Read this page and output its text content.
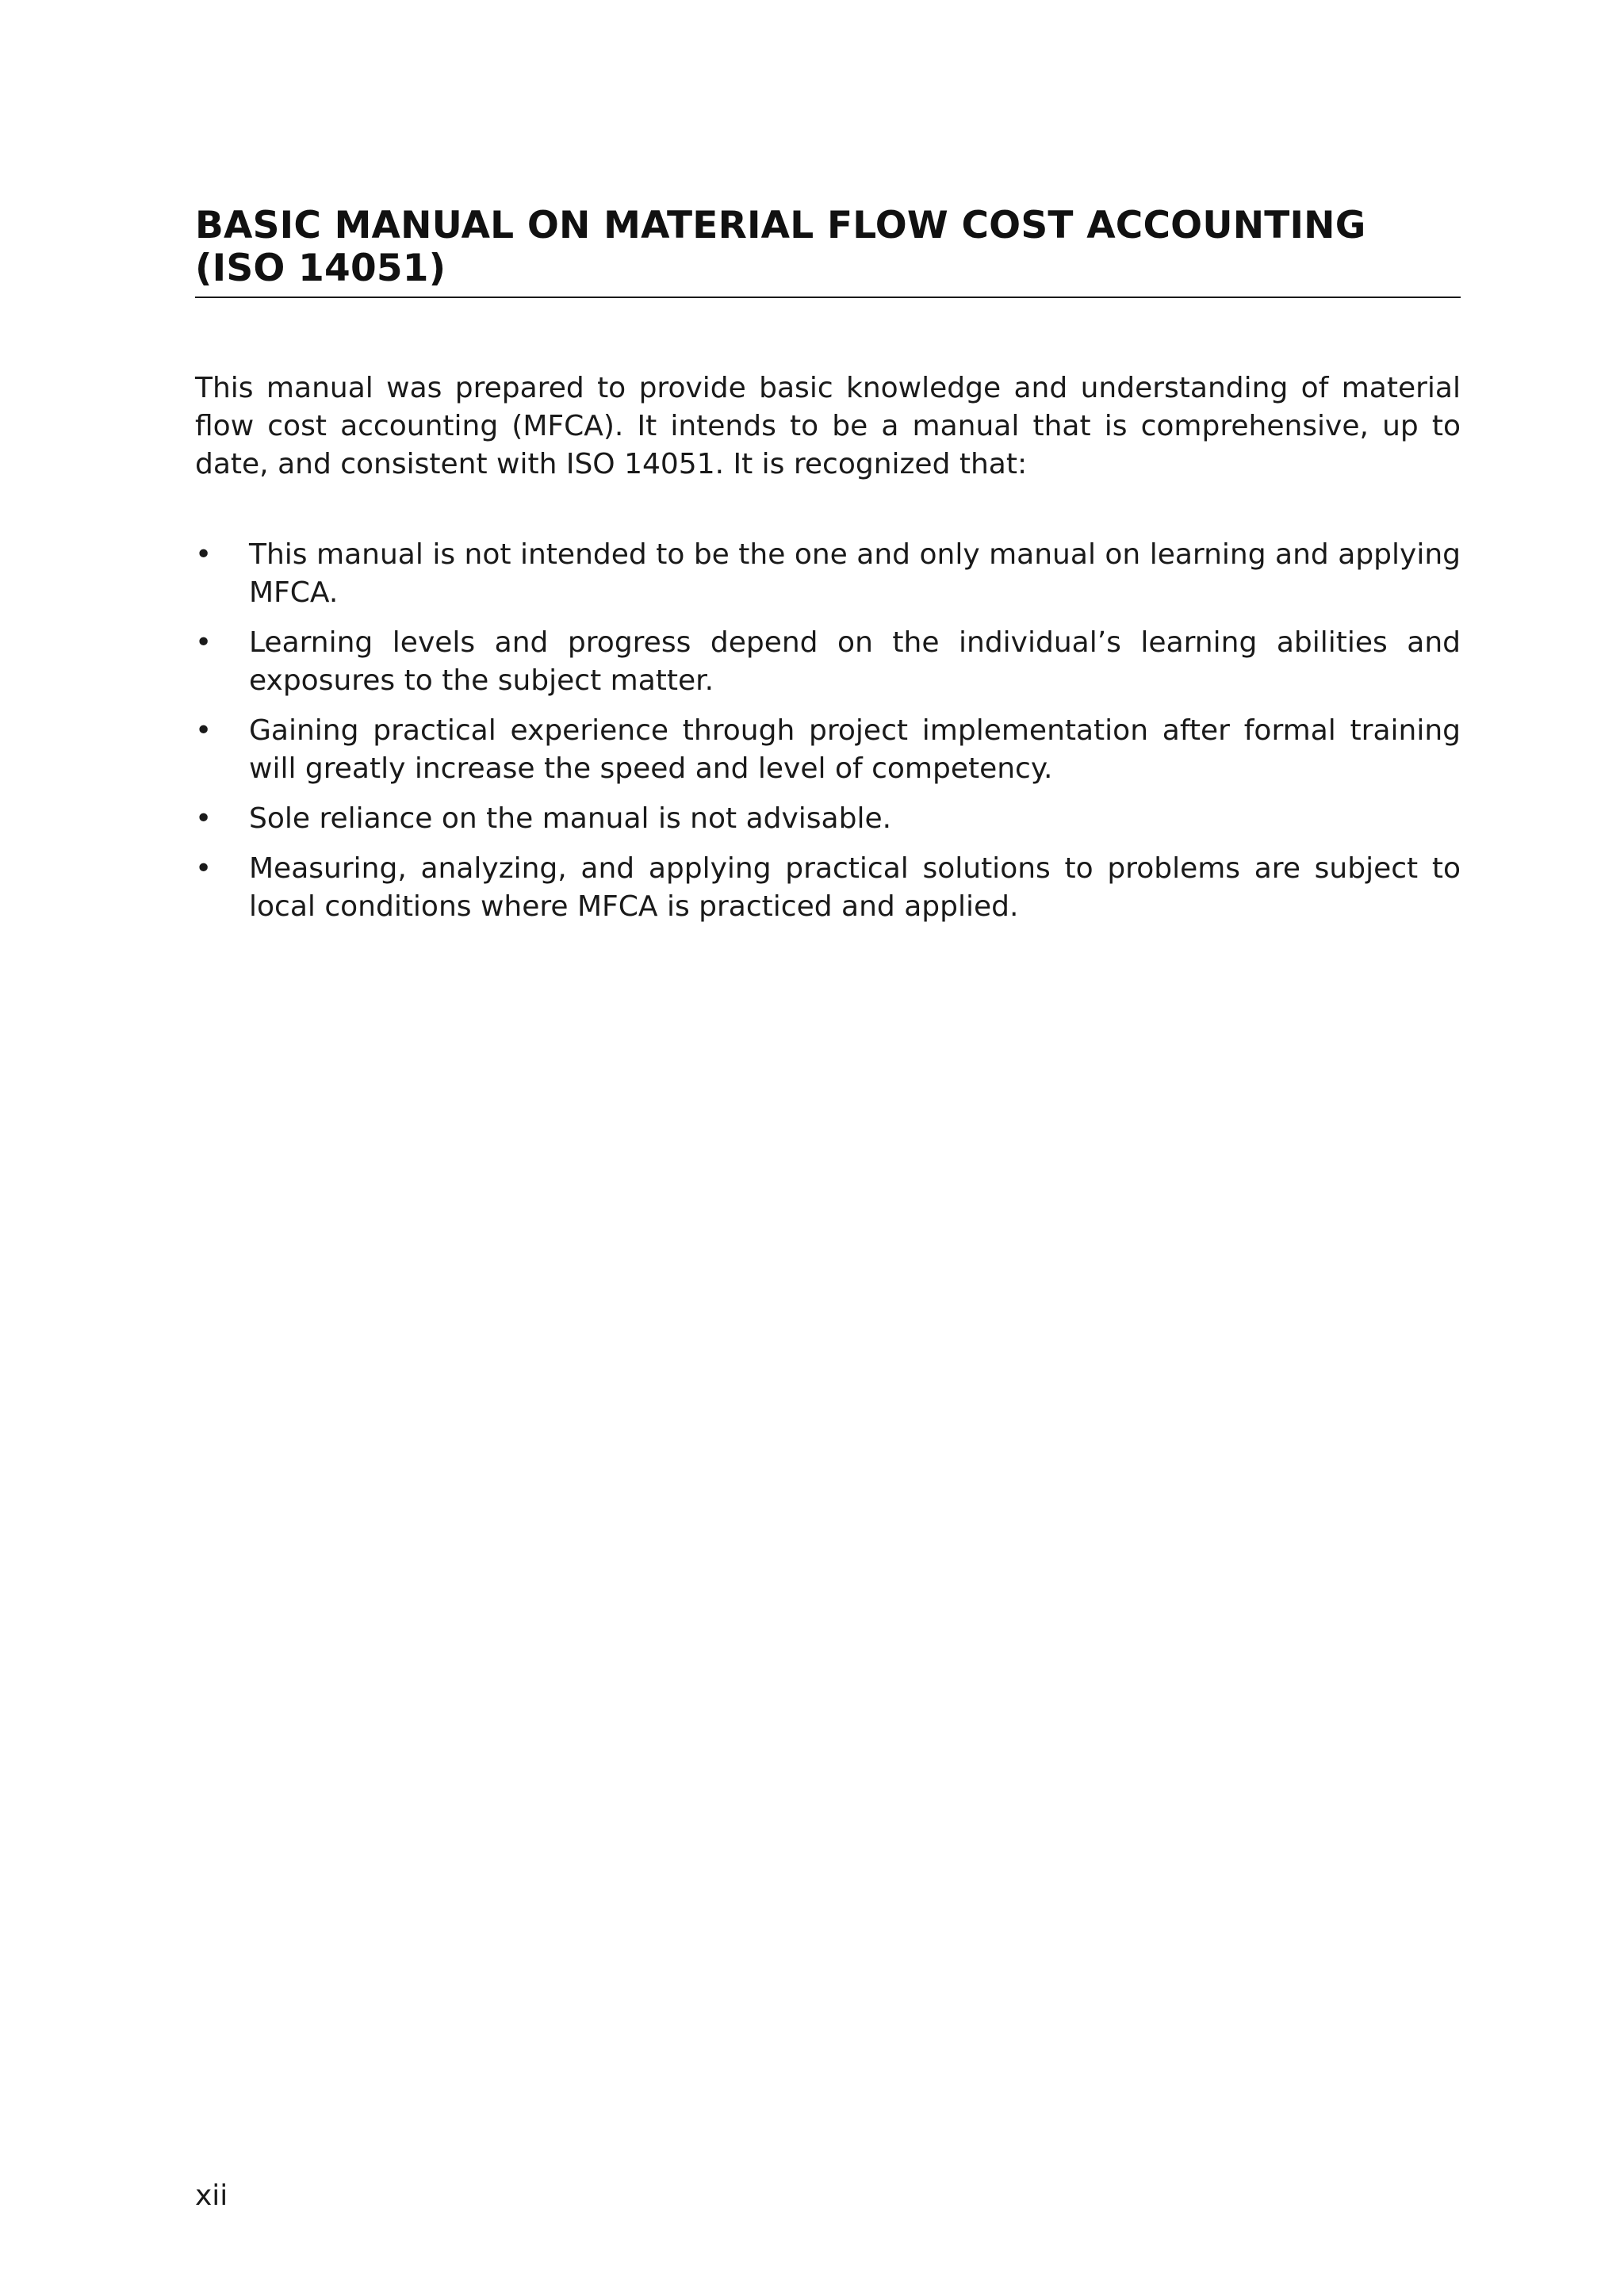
BASIC MANUAL ON MATERIAL FLOW COST ACCOUNTING
(ISO 14051)

This manual was prepared to provide basic knowledge and understanding of material flow cost accounting (MFCA). It intends to be a manual that is comprehensive, up to date, and consistent with ISO 14051. It is recognized that:

• This manual is not intended to be the one and only manual on learning and applying MFCA.
• Learning levels and progress depend on the individual’s learning abilities and exposures to the subject matter.
• Gaining practical experience through project implementation after formal training will greatly increase the speed and level of competency.
• Sole reliance on the manual is not advisable.
• Measuring, analyzing, and applying practical solutions to problems are subject to local conditions where MFCA is practiced and applied.
xii
